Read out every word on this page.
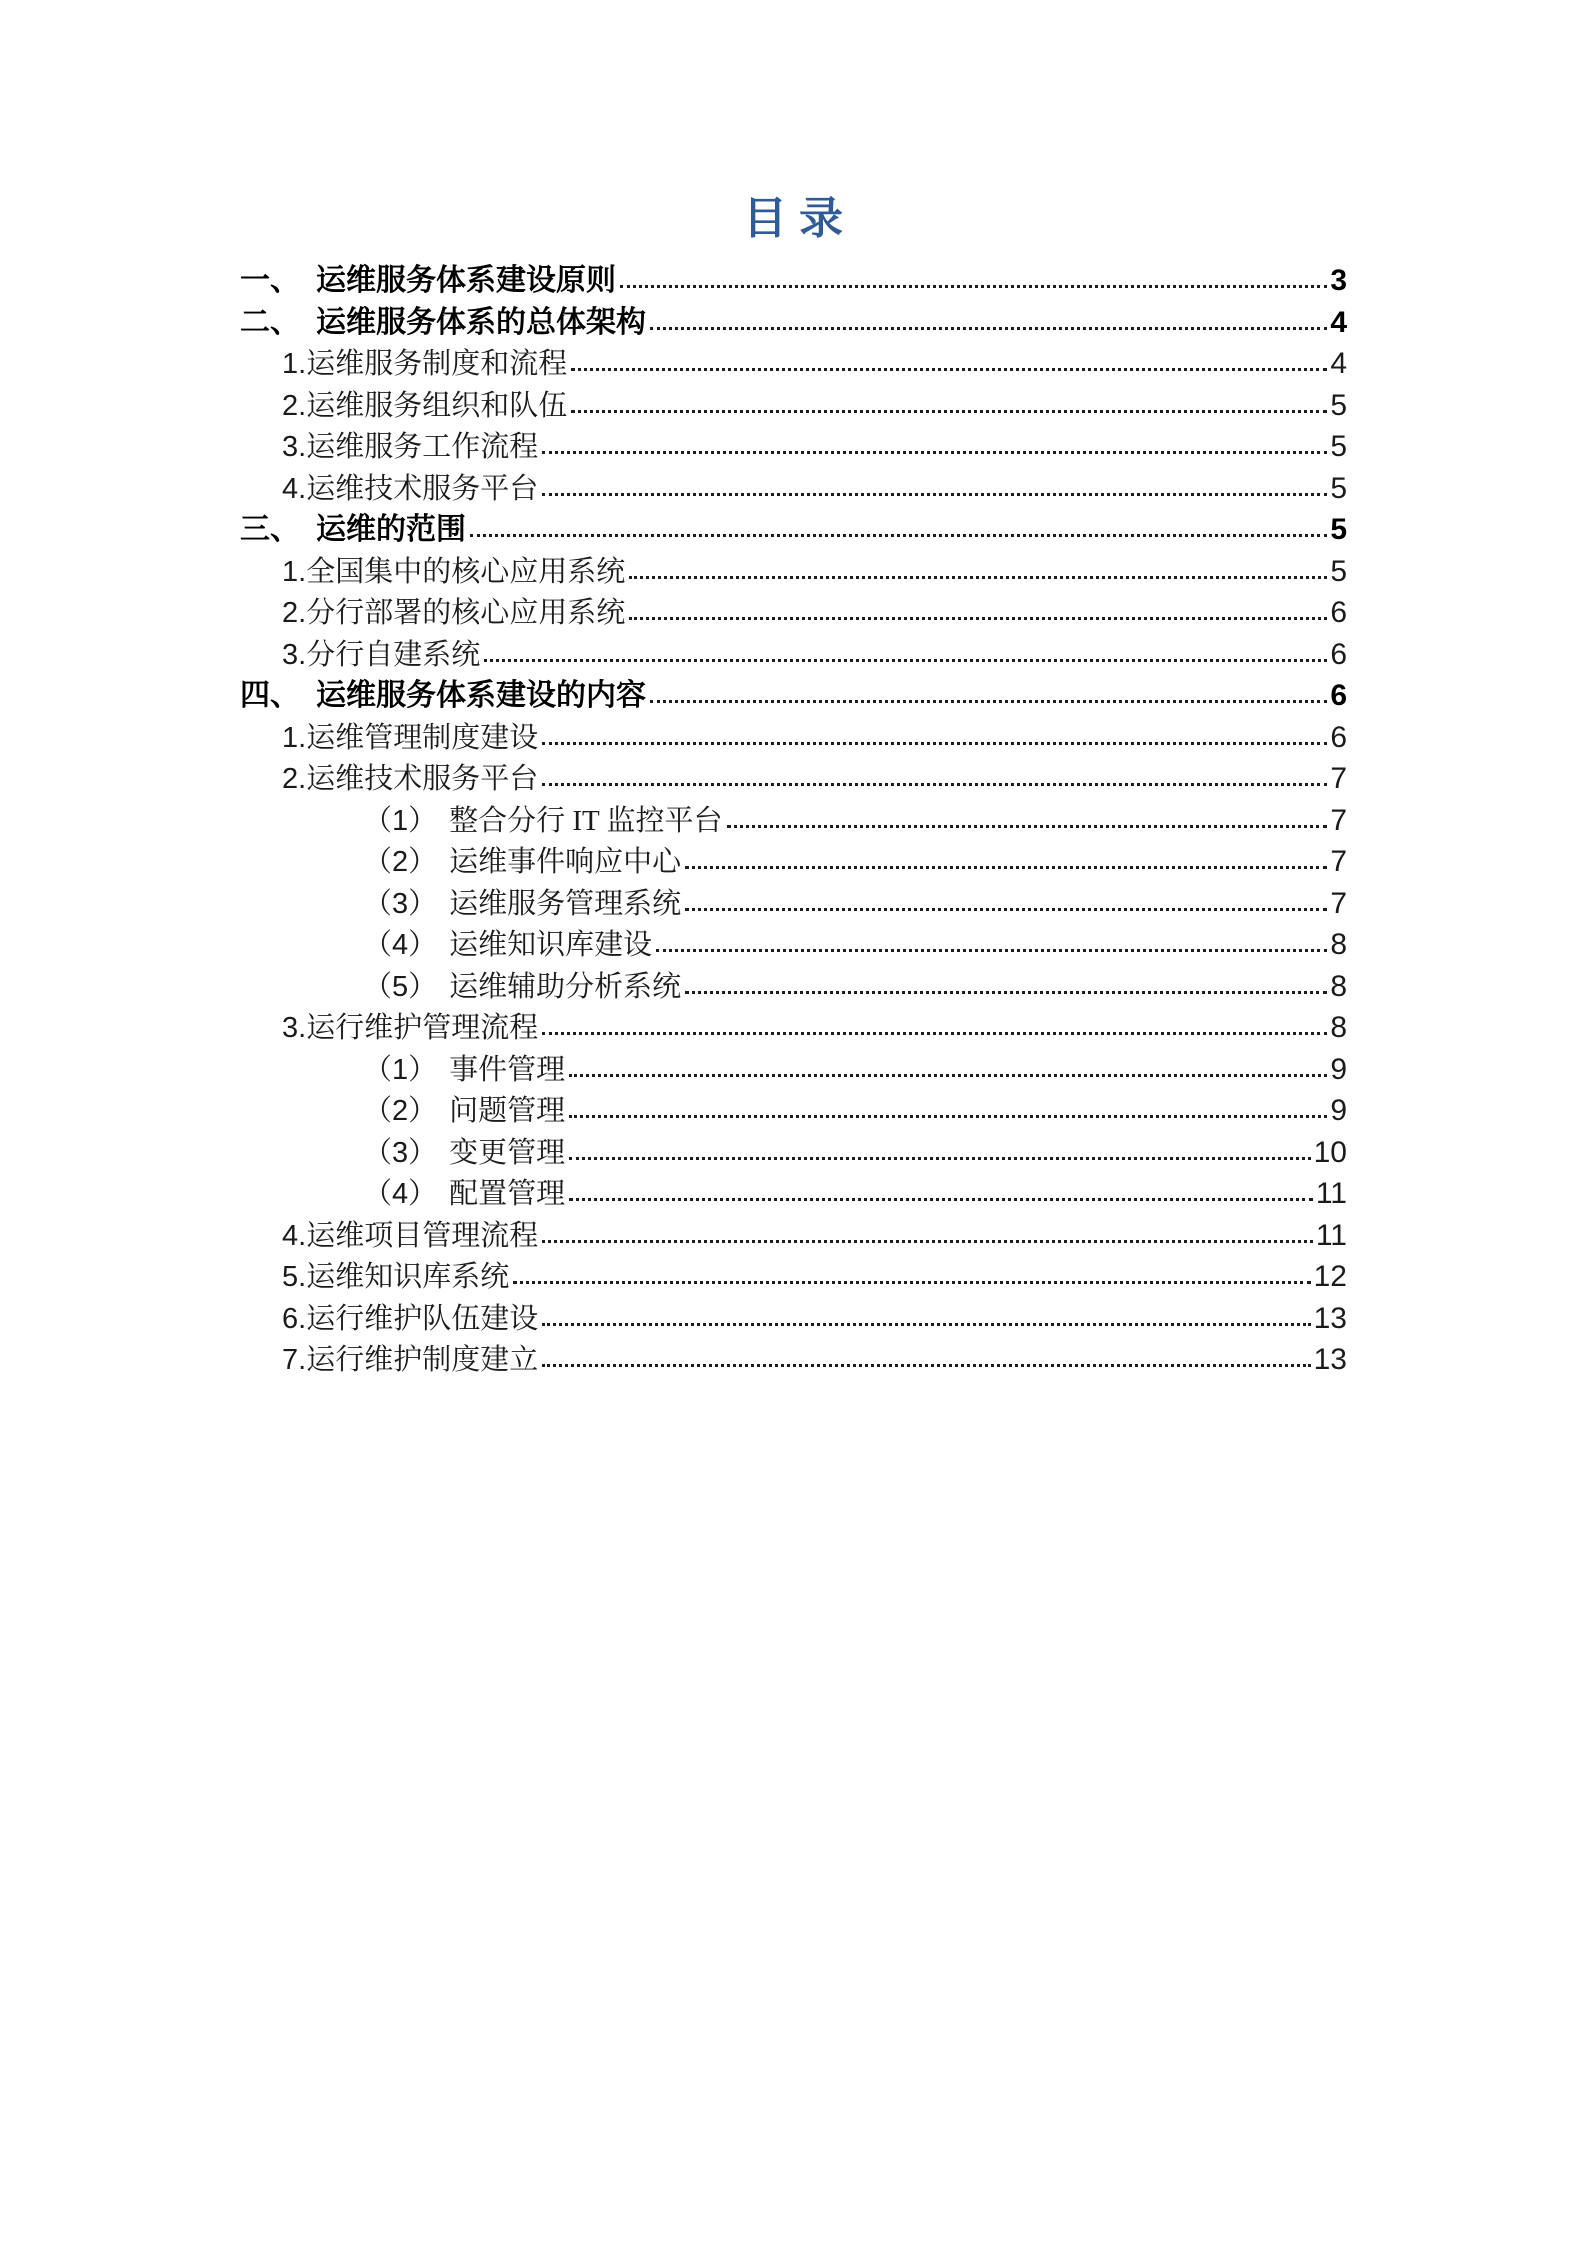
目录
一、 运维服务体系建设原则	3
二、 运维服务体系的总体架构	4
1. 运维服务制度和流程	4
2. 运维服务组织和队伍	5
3. 运维服务工作流程	5
4. 运维技术服务平台	5
三、 运维的范围	5
1. 全国集中的核心应用系统	5
2. 分行部署的核心应用系统	6
3. 分行自建系统	6
四、 运维服务体系建设的内容	6
1. 运维管理制度建设	6
2. 运维技术服务平台	7
（1） 整合分行 IT 监控平台	7
（2） 运维事件响应中心	7
（3） 运维服务管理系统	7
（4） 运维知识库建设	8
（5） 运维辅助分析系统	8
3. 运行维护管理流程	8
（1） 事件管理	9
（2） 问题管理	9
（3） 变更管理	10
（4） 配置管理	11
4. 运维项目管理流程	11
5. 运维知识库系统	12
6. 运行维护队伍建设	13
7. 运行维护制度建立	13
